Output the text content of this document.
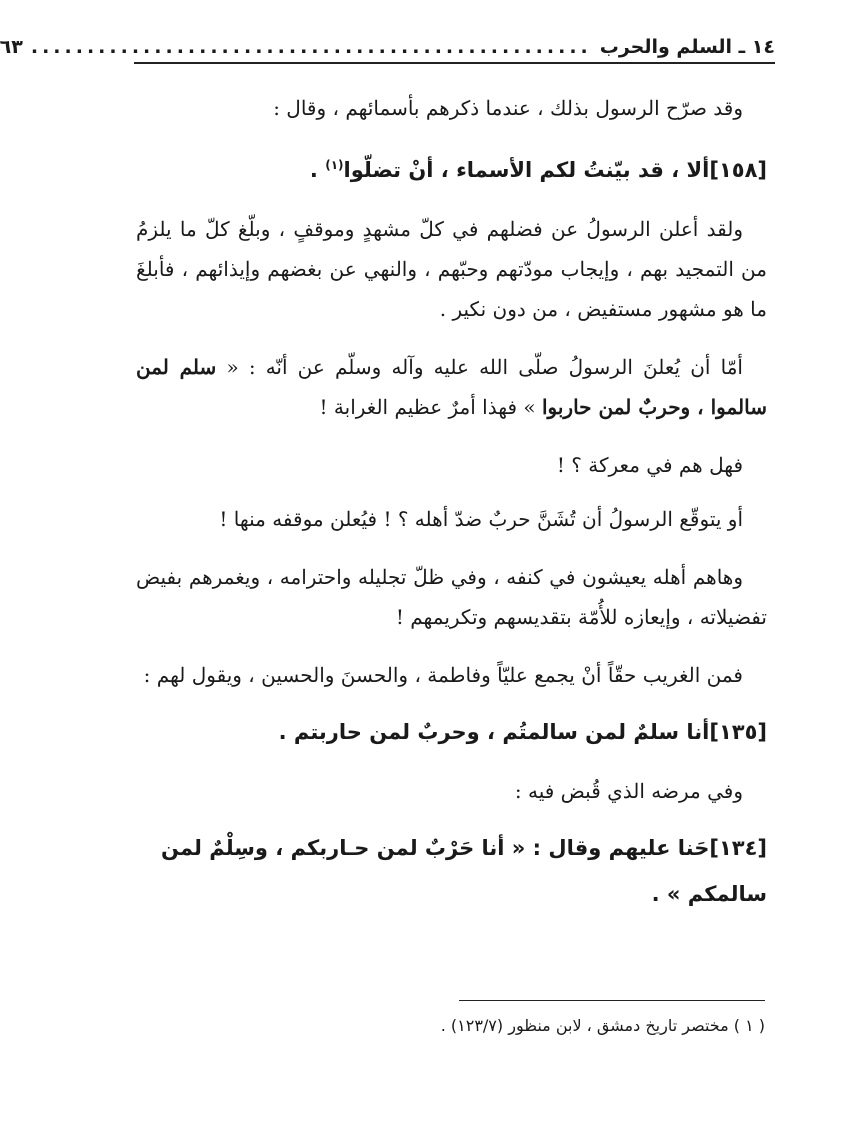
١٤ ـ السلم والحرب
..................................................
٦٣

وقد صرّح الرسول بذلك ، عندما ذكرهم بأسمائهم ، وقال :

[١٥٨]ألا ، قد بيّنتُ لكم الأسماء ، أنْ تضلّوا$^{(١)}$ .

ولقد أعلن الرسولُ عن فضلهم في كلّ مشهدٍ وموقفٍ ، وبلّغ كلّ ما يلزمُ من التمجيد بهم ، وإيجاب مودّتهم وحبّهم ، والنهي عن بغضهم وإيذائهم ، فأبلغَ ما هو مشهور مستفيض ، من دون نكير .

أمّا أن يُعلنَ الرسولُ صلّى الله عليه وآله وسلّم عن أنّه : « سلم لمن سالموا ، وحربٌ لمن حاربوا » فهذا أمرٌ عظيم الغرابة !

فهل هم في معركة ؟ !

أو يتوقّع الرسولُ أن تُشَنَّ حربٌ ضدّ أهله ؟ ! فيُعلن موقفه منها !

وهاهم أهله يعيشون في كنفه ، وفي ظلّ تجليله واحترامه ، ويغمرهم بفيض تفضيلاته ، وإيعازه للأُمّة بتقديسهم وتكريمهم !

فمن الغريب حقّاً أنْ يجمع عليّاً وفاطمة ، والحسنَ والحسين ، ويقول لهم :

[١٣٥]أنا سلمٌ لمن سالمتُم ، وحربٌ لمن حاربتم .

وفي مرضه الذي قُبض فيه :

[١٣٤]حَنا عليهم وقال : « أنا حَرْبٌ لمن حـاربكم ، وسِلْمٌ لمن سالمكم » .

( ١ ) مختصر تاريخ دمشق ، لابن منظور (١٢٣/٧) .
